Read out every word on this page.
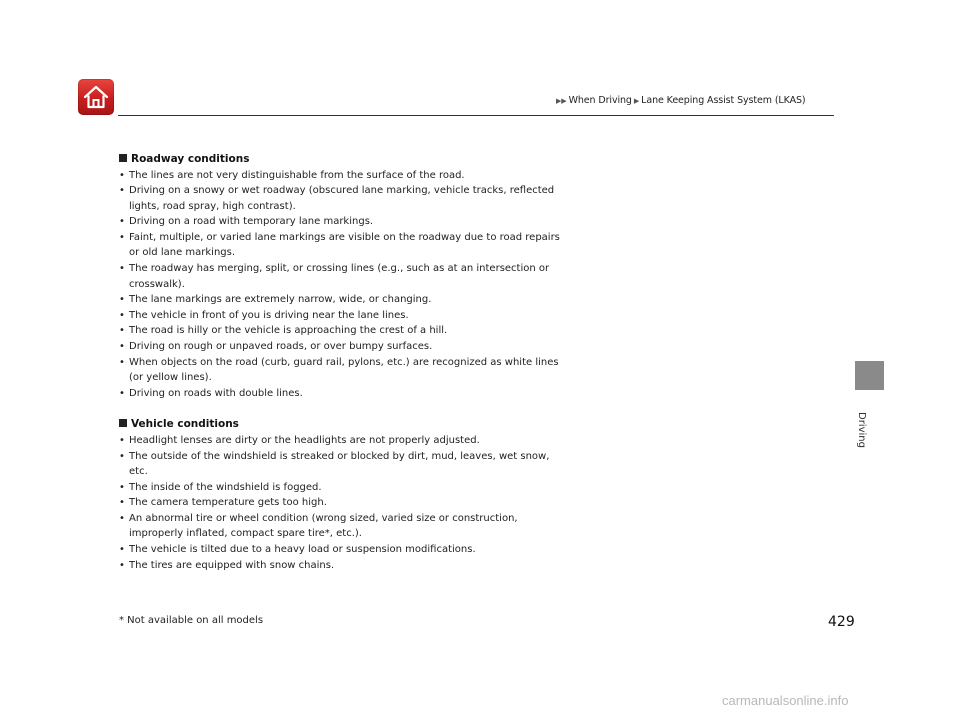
▶▶ When Driving ▶ Lane Keeping Assist System (LKAS)
Driving
Roadway conditions
• The lines are not very distinguishable from the surface of the road.
• Driving on a snowy or wet roadway (obscured lane marking, vehicle tracks, reflected lights, road spray, high contrast).
• Driving on a road with temporary lane markings.
• Faint, multiple, or varied lane markings are visible on the roadway due to road repairs or old lane markings.
• The roadway has merging, split, or crossing lines (e.g., such as at an intersection or crosswalk).
• The lane markings are extremely narrow, wide, or changing.
• The vehicle in front of you is driving near the lane lines.
• The road is hilly or the vehicle is approaching the crest of a hill.
• Driving on rough or unpaved roads, or over bumpy surfaces.
• When objects on the road (curb, guard rail, pylons, etc.) are recognized as white lines (or yellow lines).
• Driving on roads with double lines.
Vehicle conditions
• Headlight lenses are dirty or the headlights are not properly adjusted.
• The outside of the windshield is streaked or blocked by dirt, mud, leaves, wet snow, etc.
• The inside of the windshield is fogged.
• The camera temperature gets too high.
• An abnormal tire or wheel condition (wrong sized, varied size or construction, improperly inflated, compact spare tire*, etc.).
• The vehicle is tilted due to a heavy load or suspension modifications.
• The tires are equipped with snow chains.
* Not available on all models	429
carmanualsonline.info
